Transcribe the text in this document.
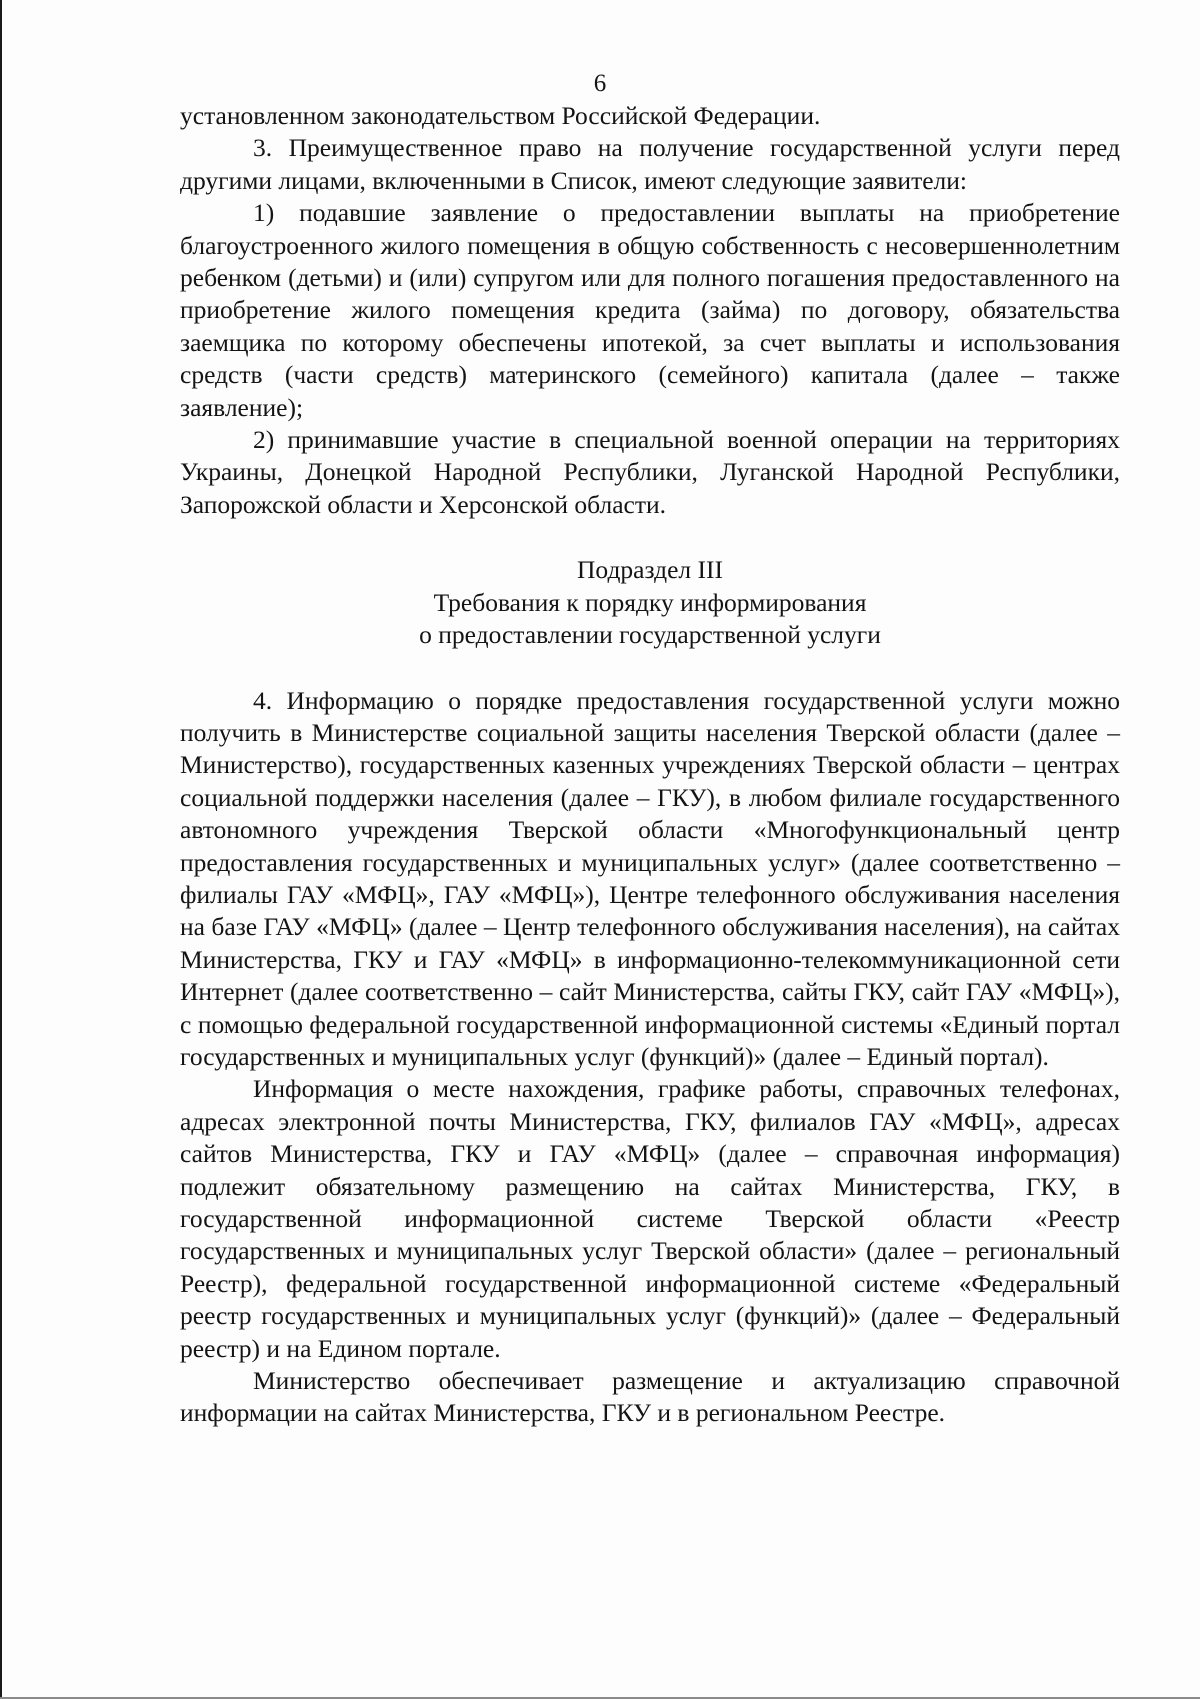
6

установленном законодательством Российской Федерации.

3. Преимущественное право на получение государственной услуги перед другими лицами, включенными в Список, имеют следующие заявители:

1) подавшие заявление о предоставлении выплаты на приобретение благоустроенного жилого помещения в общую собственность с несовершеннолетним ребенком (детьми) и (или) супругом или для полного погашения предоставленного на приобретение жилого помещения кредита (займа) по договору, обязательства заемщика по которому обеспечены ипотекой, за счет выплаты и использования средств (части средств) материнского (семейного) капитала (далее – также заявление);

2) принимавшие участие в специальной военной операции на территориях Украины, Донецкой Народной Республики, Луганской Народной Республики, Запорожской области и Херсонской области.

Подраздел III
Требования к порядку информирования
о предоставлении государственной услуги

4. Информацию о порядке предоставления государственной услуги можно получить в Министерстве социальной защиты населения Тверской области (далее – Министерство), государственных казенных учреждениях Тверской области – центрах социальной поддержки населения (далее – ГКУ), в любом филиале государственного автономного учреждения Тверской области «Многофункциональный центр предоставления государственных и муниципальных услуг» (далее соответственно – филиалы ГАУ «МФЦ», ГАУ «МФЦ»), Центре телефонного обслуживания населения на базе ГАУ «МФЦ» (далее – Центр телефонного обслуживания населения), на сайтах Министерства, ГКУ и ГАУ «МФЦ» в информационно-телекоммуникационной сети Интернет (далее соответственно – сайт Министерства, сайты ГКУ, сайт ГАУ «МФЦ»), с помощью федеральной государственной информационной системы «Единый портал государственных и муниципальных услуг (функций)» (далее – Единый портал).

Информация о месте нахождения, графике работы, справочных телефонах, адресах электронной почты Министерства, ГКУ, филиалов ГАУ «МФЦ», адресах сайтов Министерства, ГКУ и ГАУ «МФЦ» (далее – справочная информация) подлежит обязательному размещению на сайтах Министерства, ГКУ, в государственной информационной системе Тверской области «Реестр государственных и муниципальных услуг Тверской области» (далее – региональный Реестр), федеральной государственной информационной системе «Федеральный реестр государственных и муниципальных услуг (функций)» (далее – Федеральный реестр) и на Едином портале.

Министерство обеспечивает размещение и актуализацию справочной информации на сайтах Министерства, ГКУ и в региональном Реестре.
